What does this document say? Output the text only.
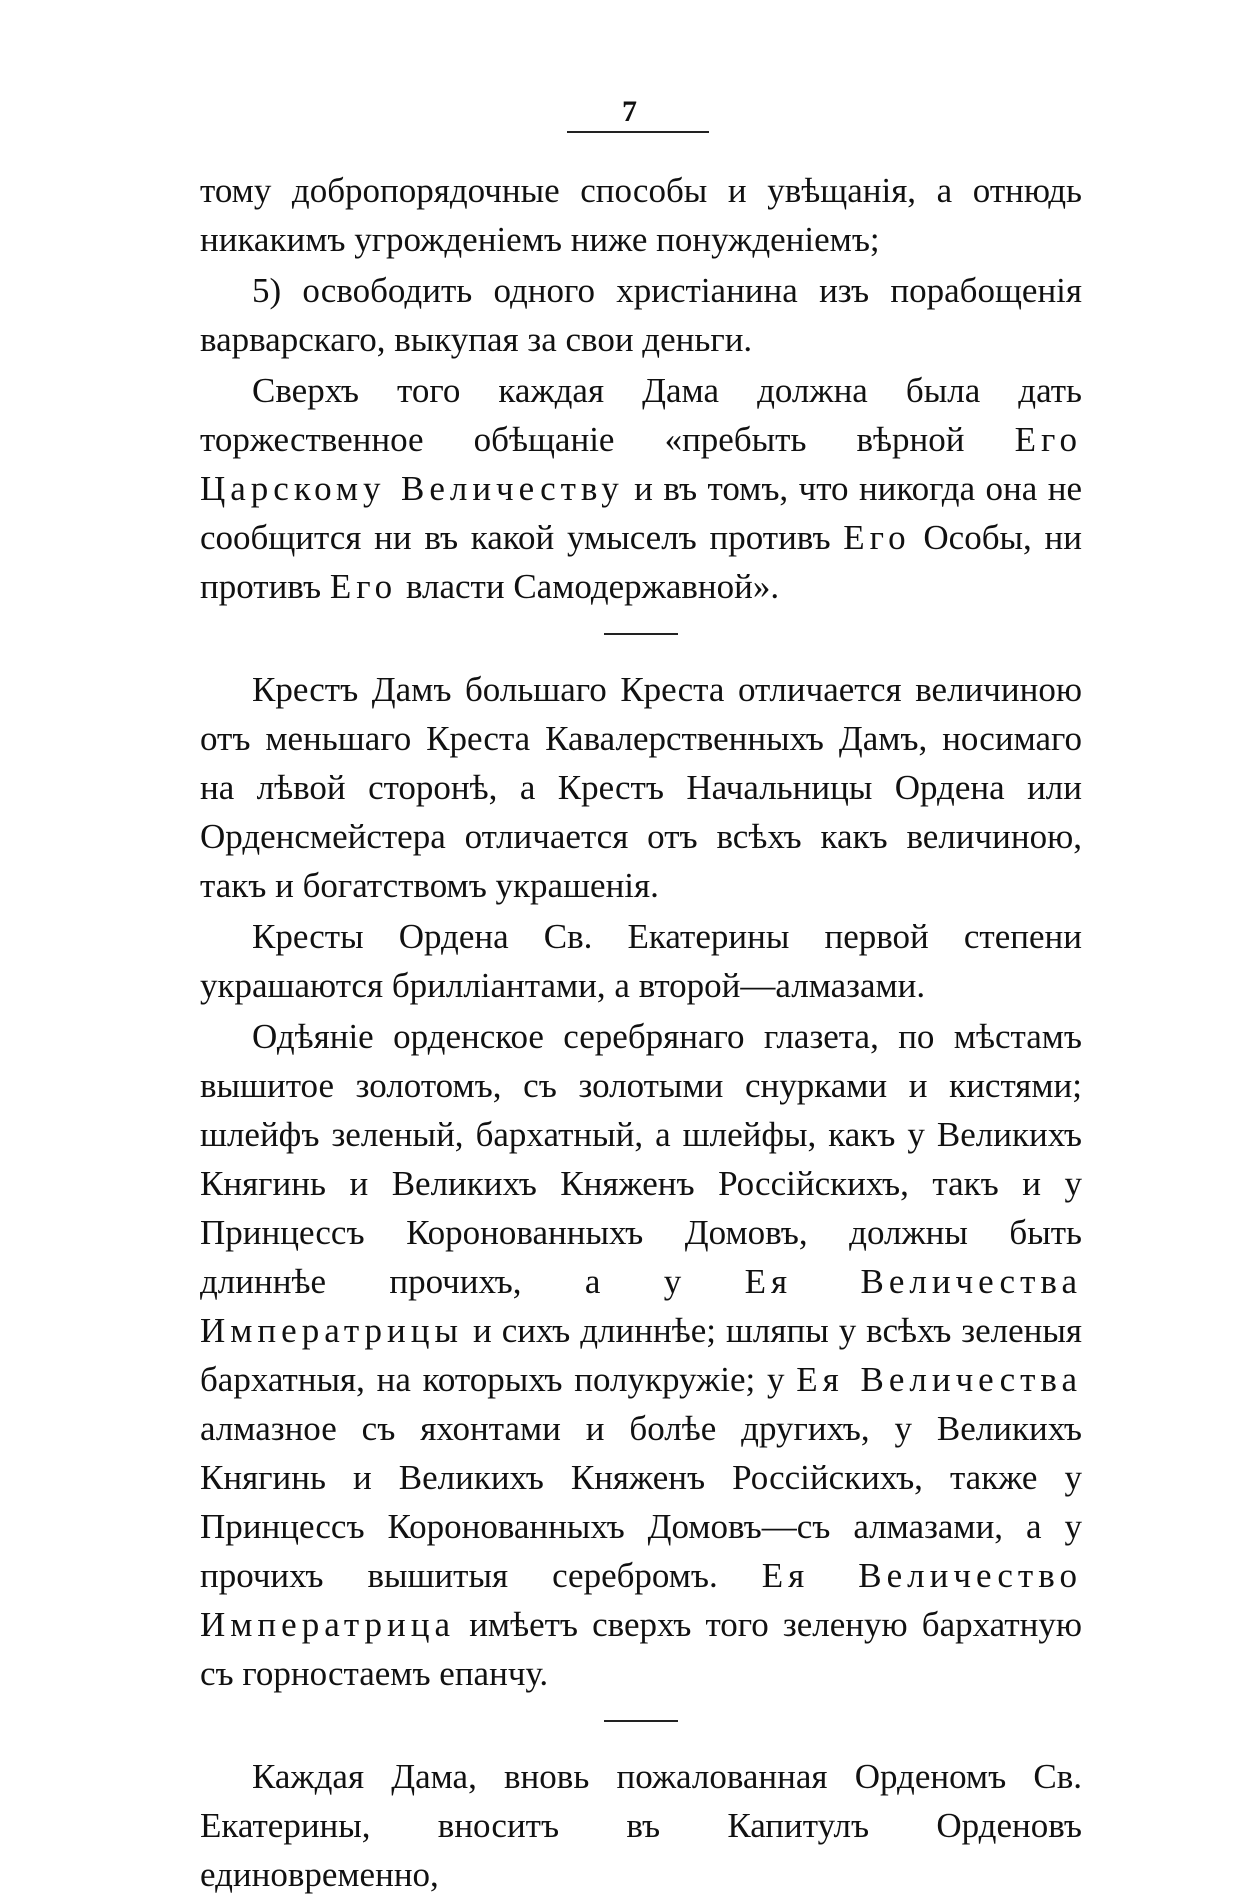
7

тому добропорядочные способы и увѣщанія, а отнюдь никакимъ угрожденіемъ ниже понужденіемъ;

5) освободить одного христіанина изъ порабощенія варварскаго, выкупая за свои деньги.

Сверхъ того каждая Дама должна была дать торжественное обѣщаніе «пребыть вѣрной Его Царскому Величеству и въ томъ, что никогда она не сообщится ни въ какой умыселъ противъ Его Особы, ни противъ Его власти Самодержавной».

Крестъ Дамъ большаго Креста отличается величиною отъ меньшаго Креста Кавалерственныхъ Дамъ, носимаго на лѣвой сторонѣ, а Крестъ Начальницы Ордена или Орденсмейстера отличается отъ всѣхъ какъ величиною, такъ и богатствомъ украшенія.

Кресты Ордена Св. Екатерины первой степени украшаются бриллiантами, а второй—алмазами.

Одѣяніе орденское серебрянаго глазета, по мѣстамъ вышитое золотомъ, съ золотыми снурками и кистями; шлейфъ зеленый, бархатный, а шлейфы, какъ у Великихъ Княгинь и Великихъ Княженъ Россійскихъ, такъ и у Принцессъ Коронованныхъ Домовъ, должны быть длиннѣе прочихъ, а у Ея Величества Императрицы и сихъ длиннѣе; шляпы у всѣхъ зеленыя бархатныя, на которыхъ полукружіе; у Ея Величества алмазное съ яхонтами и болѣе другихъ, у Великихъ Княгинь и Великихъ Княженъ Россійскихъ, также у Принцессъ Коронованныхъ Домовъ—съ алмазами, а у прочихъ вышитыя серебромъ. Ея Величество Императрица имѣетъ сверхъ того зеленую бархатную съ горностаемъ епанчу.

Каждая Дама, вновь пожалованная Орденомъ Св. Екатерины, вноситъ въ Капитулъ Орденовъ единовременно,
